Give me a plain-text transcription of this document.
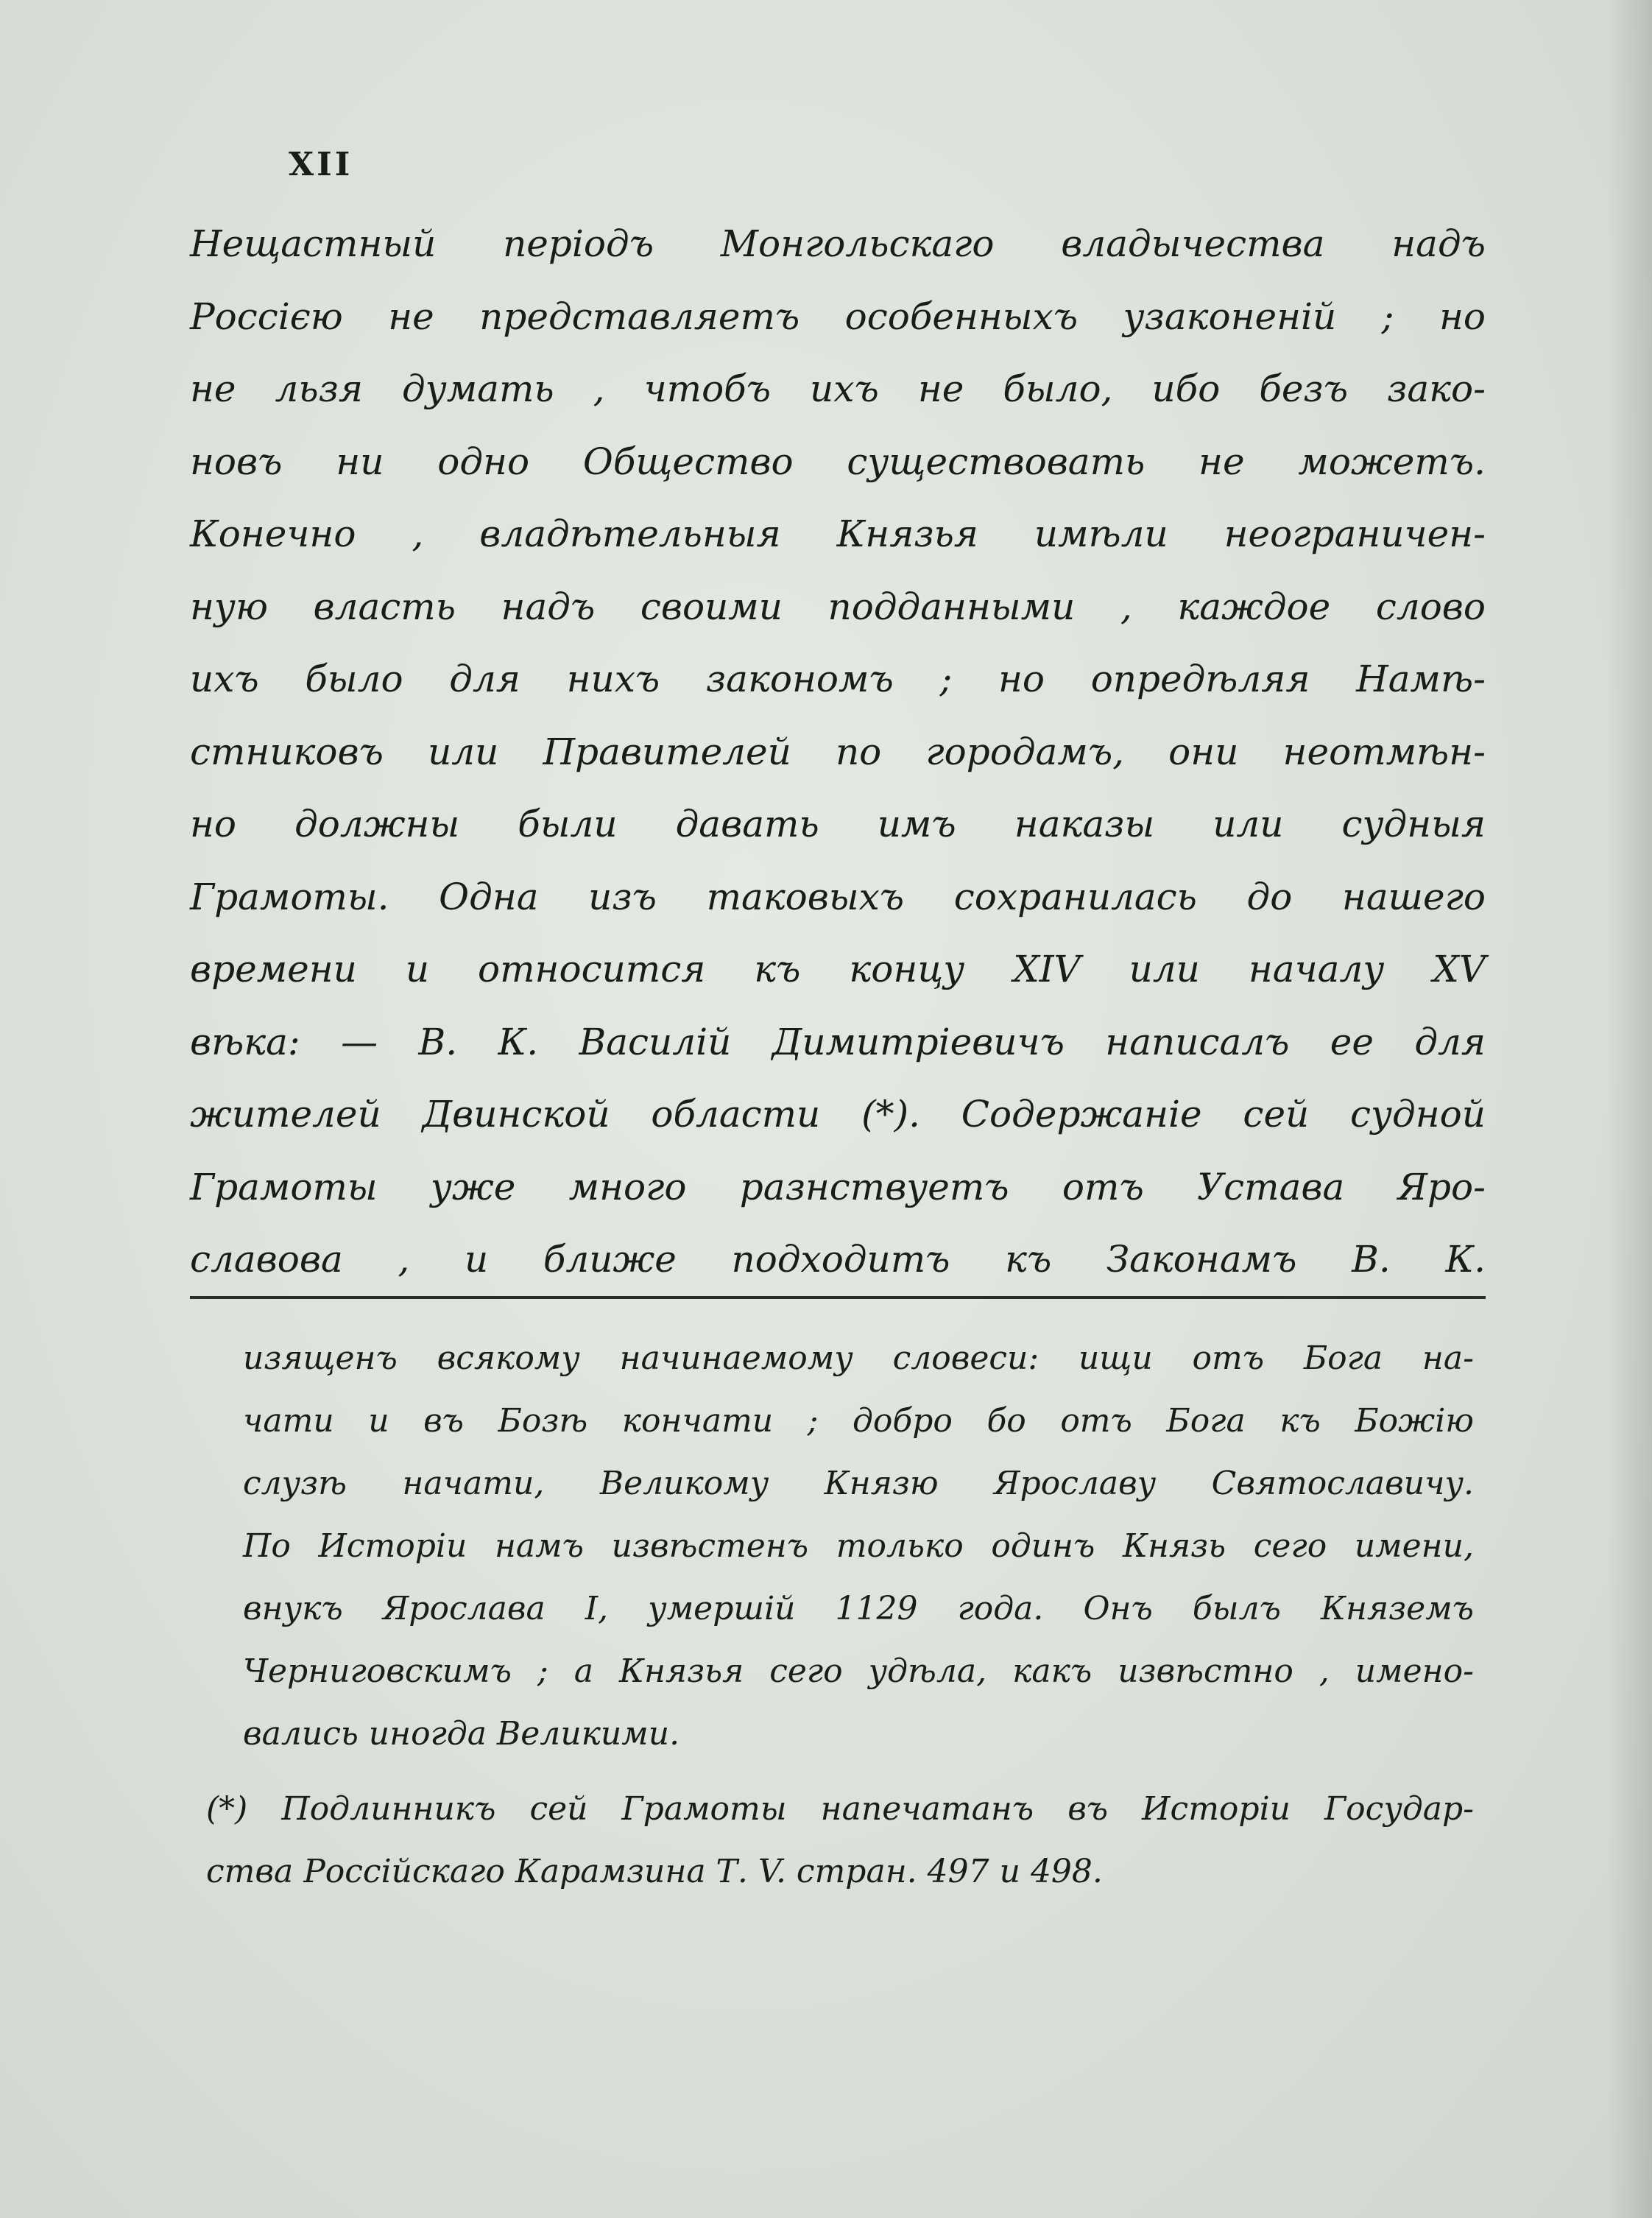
XII
Нещастный періодъ Монгольскаго владычества надъ
Россією не представляетъ особенныхъ узаконеній ; но
не льзя думать , чтобъ ихъ не было, ибо безъ зако-
новъ ни одно Общество существовать не можетъ.
Конечно , владѣтельныя Князья имѣли неограничен-
ную власть надъ своими подданными , каждое слово
ихъ было для нихъ закономъ ; но опредѣляя Намѣ-
стниковъ или Правителей по городамъ, они неотмѣн-
но должны были давать имъ наказы или судныя
Грамоты. Одна изъ таковыхъ сохранилась до нашего
времени и относится къ концу XIV или началу XV
вѣка: — В. К. Василій Димитріевичъ написалъ ее для
жителей Двинской области (*). Содержаніе сей судной
Грамоты уже много разнствуетъ отъ Устава Яро-
славова , и ближе подходитъ къ Законамъ В. К.
изященъ всякому начинаемому словеси: ищи отъ Бога на-
чати и въ Бозѣ кончати ; добро бо отъ Бога къ Божію
слузѣ начати, Великому Князю Ярославу Святославичу.
По Исторіи намъ извѣстенъ только одинъ Князь сего имени,
внукъ Ярослава I, умершій 1129 года. Онъ былъ Княземъ
Черниговскимъ ; а Князья сего удѣла, какъ извѣстно , имено-
вались иногда Великими.
(*) Подлинникъ сей Грамоты напечатанъ въ Исторіи Государ-
ства Россійскаго Карамзина Т. V. стран. 497 и 498.
